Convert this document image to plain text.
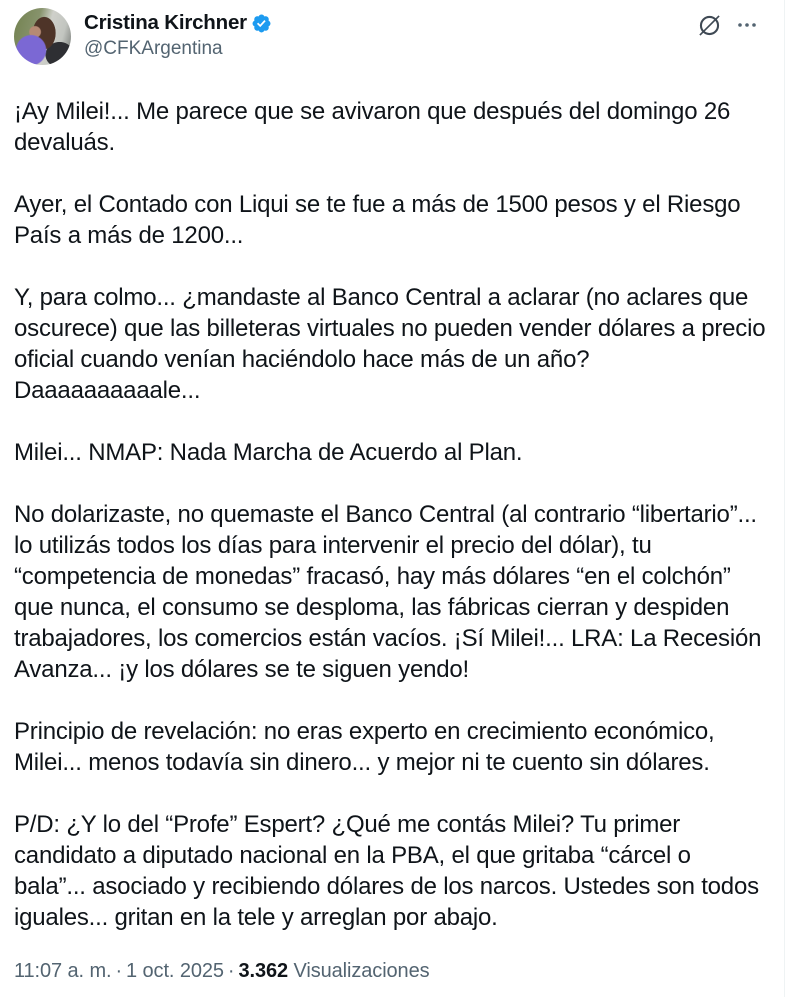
Cristina Kirchner
@CFKArgentina

¡Ay Milei!... Me parece que se avivaron que después del domingo 26 devaluás.

Ayer, el Contado con Liqui se te fue a más de 1500 pesos y el Riesgo País a más de 1200...

Y, para colmo... ¿mandaste al Banco Central a aclarar (no aclares que oscurece) que las billeteras virtuales no pueden vender dólares a precio oficial cuando venían haciéndolo hace más de un año? Daaaaaaaaaale...

Milei... NMAP: Nada Marcha de Acuerdo al Plan.

No dolarizaste, no quemaste el Banco Central (al contrario “libertario”... lo utilizás todos los días para intervenir el precio del dólar), tu “competencia de monedas” fracasó, hay más dólares “en el colchón” que nunca, el consumo se desploma, las fábricas cierran y despiden trabajadores, los comercios están vacíos. ¡Sí Milei!... LRA: La Recesión Avanza... ¡y los dólares se te siguen yendo!

Principio de revelación: no eras experto en crecimiento económico, Milei... menos todavía sin dinero... y mejor ni te cuento sin dólares.

P/D: ¿Y lo del “Profe” Espert? ¿Qué me contás Milei? Tu primer candidato a diputado nacional en la PBA, el que gritaba “cárcel o bala”... asociado y recibiendo dólares de los narcos. Ustedes son todos iguales... gritan en la tele y arreglan por abajo.

11:07 a. m. · 1 oct. 2025 · 3.362 Visualizaciones
